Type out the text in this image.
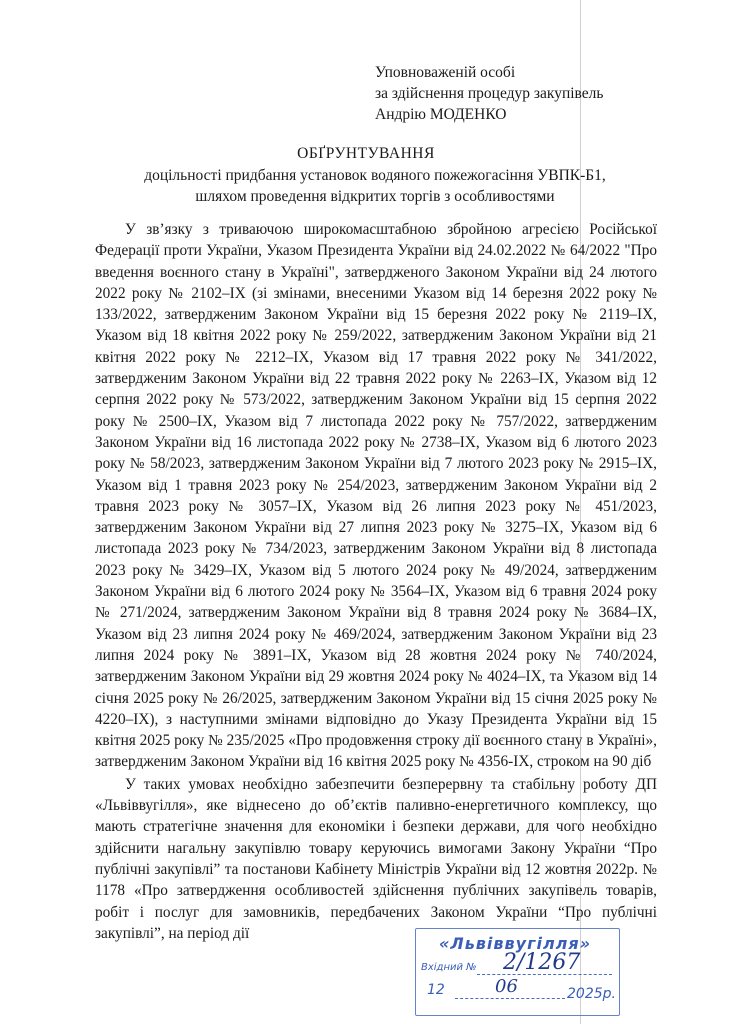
Уповноваженій особі
за здійснення процедур закупівель
Андрію МОДЕНКО
ОБҐРУНТУВАННЯ
доцільності придбання установок водяного пожежогасіння УВПК-Б1,
шляхом проведення відкритих торгів з особливостями

У зв’язку з триваючою широкомасштабною збройною агресією Російської Федерації проти України, Указом Президента України від 24.02.2022 № 64/2022 "Про введення воєнного стану в Україні", затвердженого Законом України від 24 лютого 2022 року № 2102–IX (зі змінами, внесеними Указом від 14 березня 2022 року № 133/2022, затвердженим Законом України від 15 березня 2022 року № 2119–IX, Указом від 18 квітня 2022 року № 259/2022, затвердженим Законом України від 21 квітня 2022 року № 2212–IX, Указом від 17 травня 2022 року № 341/2022, затвердженим Законом України від 22 травня 2022 року № 2263–IX, Указом від 12 серпня 2022 року № 573/2022, затвердженим Законом України від 15 серпня 2022 року № 2500–IX, Указом від 7 листопада 2022 року № 757/2022, затвердженим Законом України від 16 листопада 2022 року № 2738–IX, Указом від 6 лютого 2023 року № 58/2023, затвердженим Законом України від 7 лютого 2023 року № 2915–IX, Указом від 1 травня 2023 року № 254/2023, затвердженим Законом України від 2 травня 2023 року № 3057–IX, Указом від 26 липня 2023 року № 451/2023, затвердженим Законом України від 27 липня 2023 року № 3275–IX, Указом від 6 листопада 2023 року № 734/2023, затвердженим Законом України від 8 листопада 2023 року № 3429–IX, Указом від 5 лютого 2024 року № 49/2024, затвердженим Законом України від 6 лютого 2024 року № 3564–IX, Указом від 6 травня 2024 року № 271/2024, затвердженим Законом України від 8 травня 2024 року № 3684–IX, Указом від 23 липня 2024 року № 469/2024, затвердженим Законом України від 23 липня 2024 року № 3891–IX, Указом від 28 жовтня 2024 року № 740/2024, затвердженим Законом України від 29 жовтня 2024 року № 4024–IX, та Указом від 14 січня 2025 року № 26/2025, затвердженим Законом України від 15 січня 2025 року № 4220–IX), з наступними змінами відповідно до Указу Президента України від 15 квітня 2025 року № 235/2025 «Про продовження строку дії воєнного стану в Україні», затвердженим Законом України від 16 квітня 2025 року № 4356-IX, строком на 90 діб

У таких умовах необхідно забезпечити безперервну та стабільну роботу ДП «Львіввугілля», яке віднесено до об’єктів паливно-енергетичного комплексу, що мають стратегічне значення для економіки і безпеки держави, для чого необхідно здійснити нагальну закупівлю товару керуючись вимогами Закону України “Про публічні закупівлі” та постанови Кабінету Міністрів України від 12 жовтня 2022р. № 1178 «Про затвердження особливостей здійснення публічних закупівель товарів, робіт і послуг для замовників, передбачених Законом України “Про публічні закупівлі”, на період дії

«Львіввугілля»
Вхідний № 2/1267
12	06	2025р.
